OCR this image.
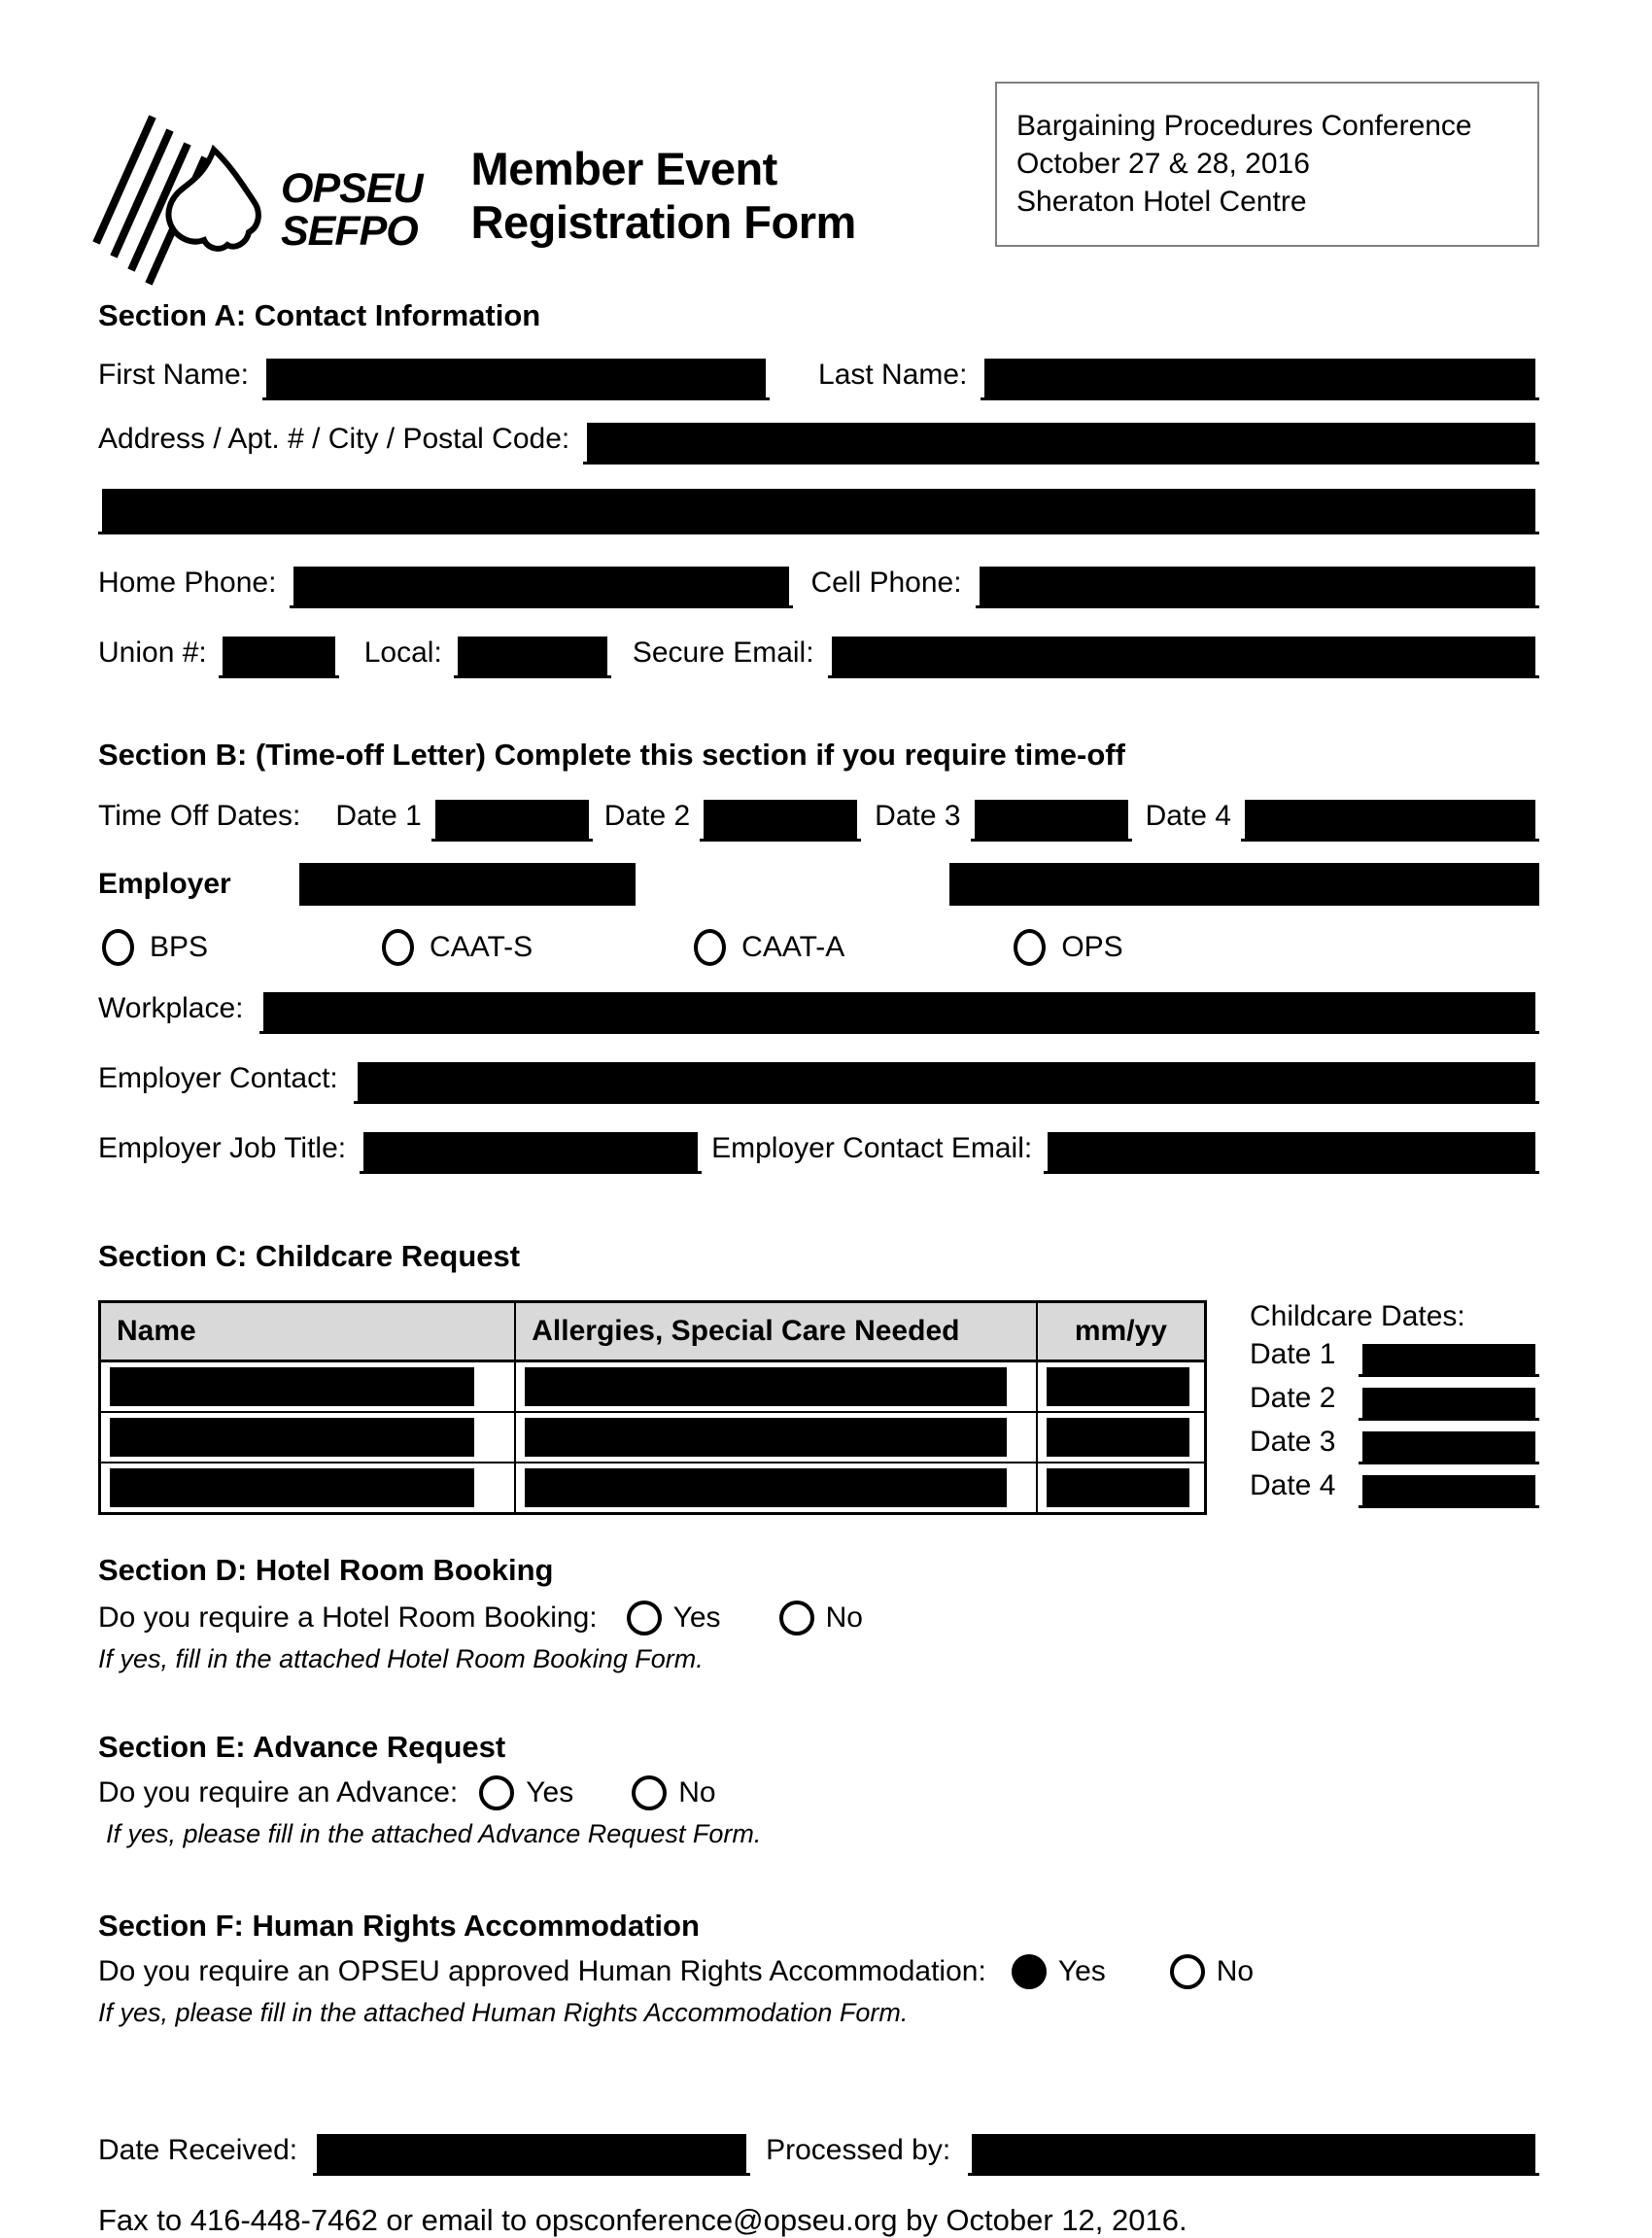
OPSEU
SEFPO
Member Event
Registration Form
Bargaining Procedures Conference
October 27 & 28, 2016
Sheraton Hotel Centre
Section A: Contact Information
First Name:	Last Name:
Address / Apt. # / City / Postal Code:
Home Phone:	Cell Phone:
Union #:	Local:	Secure Email:
Section B: (Time-off Letter) Complete this section if you require time-off
Time Off Dates: Date 1	Date 2	Date 3	Date 4
Employer
BPS	CAAT-S	CAAT-A	OPS
Workplace:
Employer Contact:
Employer Job Title:	Employer Contact Email:
Section C: Childcare Request
Name	Allergies, Special Care Needed	mm/yy

		Childcare Dates:
Date 1
Date 2
Date 3
Date 4
Section D: Hotel Room Booking
Do you require a Hotel Room Booking:	Yes	No
If yes, fill in the attached Hotel Room Booking Form.
Section E: Advance Request
Do you require an Advance: Yes	No
If yes, please fill in the attached Advance Request Form.
Section F: Human Rights Accommodation
Do you require an OPSEU approved Human Rights Accommodation: Yes	No
If yes, please fill in the attached Human Rights Accommodation Form.
Date Received:	Processed by:
Fax to 416-448-7462 or email to opsconference@opseu.org by October 12, 2016.
